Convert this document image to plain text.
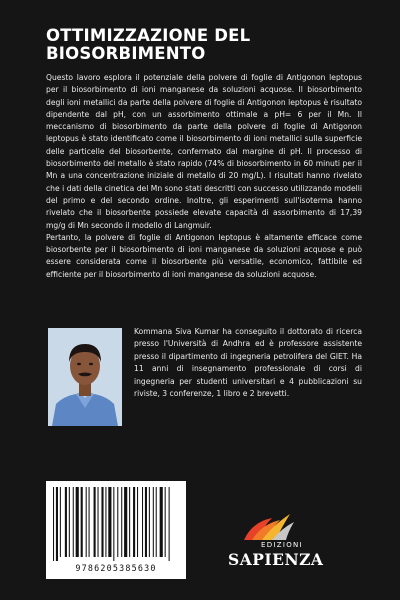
OTTIMIZZAZIONE DEL
BIOSORBIMENTO

Questo lavoro esplora il potenziale della polvere di foglie di Antigonon leptopus per il biosorbimento di ioni manganese da soluzioni acquose. Il biosorbimento degli ioni metallici da parte della polvere di foglie di Antigonon leptopus è risultato dipendente dal pH, con un assorbimento ottimale a pH= 6 per il Mn. Il meccanismo di biosorbimento da parte della polvere di foglie di Antigonon leptopus è stato identificato come il biosorbimento di ioni metallici sulla superficie delle particelle del biosorbente, confermato dal margine di pH. Il processo di biosorbimento del metallo è stato rapido (74% di biosorbimento in 60 minuti per il Mn a una concentrazione iniziale di metallo di 20 mg/L). I risultati hanno rivelato che i dati della cinetica del Mn sono stati descritti con successo utilizzando modelli del primo e del secondo ordine. Inoltre, gli esperimenti sull'isoterma hanno rivelato che il biosorbente possiede elevate capacità di assorbimento di 17,39 mg/g di Mn secondo il modello di Langmuir.

Pertanto, la polvere di foglie di Antigonon leptopus è altamente efficace come biosorbente per il biosorbimento di ioni manganese da soluzioni acquose e può essere considerata come il biosorbente più versatile, economico, fattibile ed efficiente per il biosorbimento di ioni manganese da soluzioni acquose.

Kommana Siva Kumar ha conseguito il dottorato di ricerca presso l'Università di Andhra ed è professore assistente presso il dipartimento di ingegneria petrolifera del GIET. Ha 11 anni di insegnamento professionale di corsi di ingegneria per studenti universitari e 4 pubblicazioni su riviste, 3 conferenze, 1 libro e 2 brevetti.

9786205385630
EDIZIONI
SAPIENZA
